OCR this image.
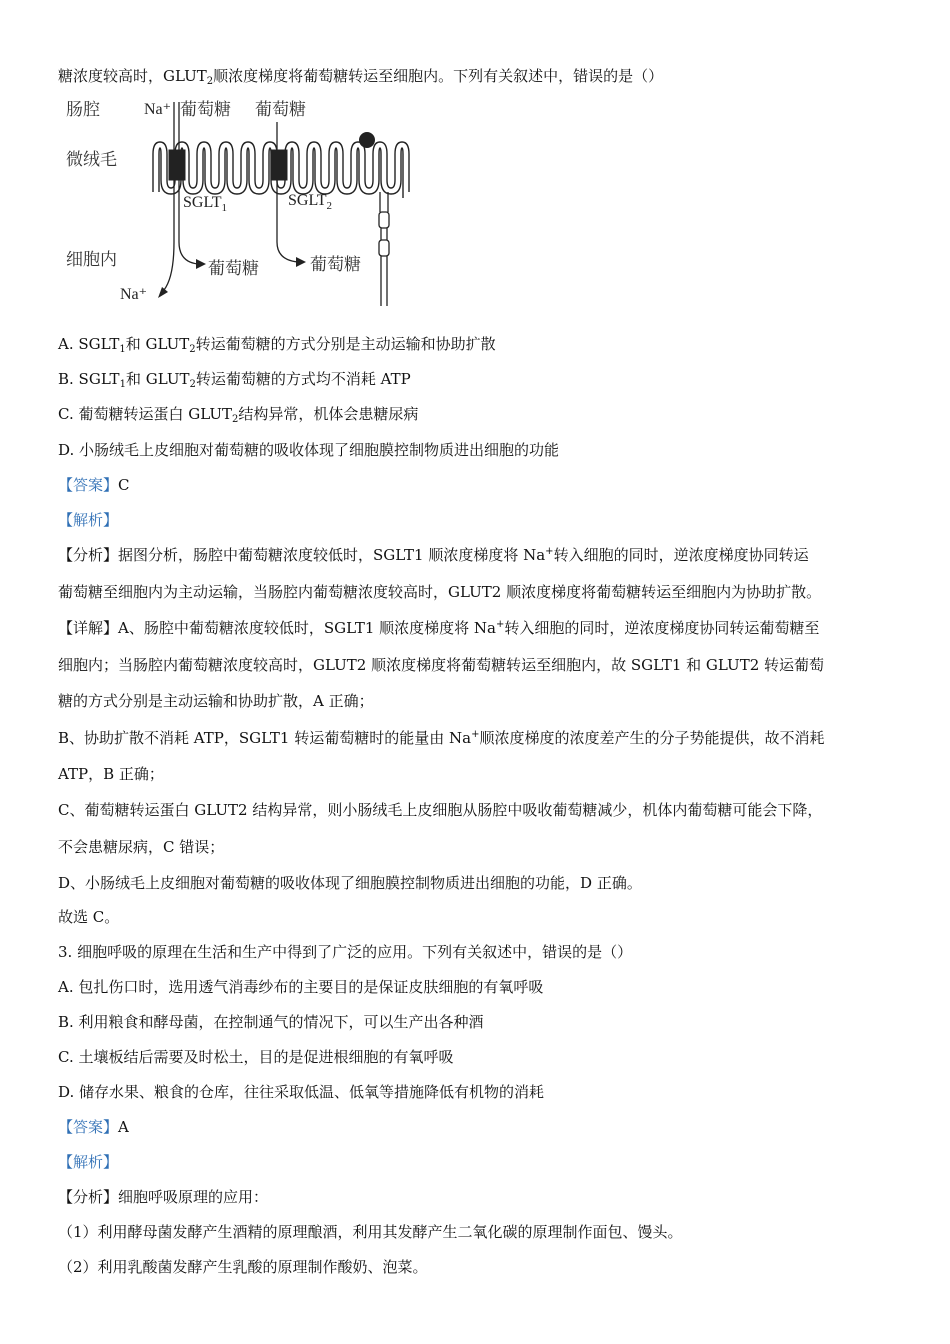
糖浓度较高时，$GLUT_2$顺浓度梯度将葡萄糖转运至细胞内。下列有关叙述中，错误的是（）
肠腔	Na⁺ 葡萄糖 葡萄糖
微绒毛
细胞内
$SGLT_1$	$SGLT_2$
葡萄糖	葡萄糖
Na⁺
A. $SGLT_1$和 $GLUT_2$转运葡萄糖的方式分别是主动运输和协助扩散
B. $SGLT_1$和 $GLUT_2$转运葡萄糖的方式均不消耗 ATP
C. 葡萄糖转运蛋白 $GLUT_2$结构异常，机体会患糖尿病
D. 小肠绒毛上皮细胞对葡萄糖的吸收体现了细胞膜控制物质进出细胞的功能
【答案】C
【解析】
【分析】据图分析，肠腔中葡萄糖浓度较低时，SGLT1 顺浓度梯度将 Na+转入细胞的同时，逆浓度梯度协同转运
葡萄糖至细胞内为主动运输，当肠腔内葡萄糖浓度较高时，GLUT2 顺浓度梯度将葡萄糖转运至细胞内为协助扩散。
【详解】A、肠腔中葡萄糖浓度较低时，SGLT1 顺浓度梯度将 Na+转入细胞的同时，逆浓度梯度协同转运葡萄糖至
细胞内；当肠腔内葡萄糖浓度较高时，GLUT2 顺浓度梯度将葡萄糖转运至细胞内，故 SGLT1 和 GLUT2 转运葡萄
糖的方式分别是主动运输和协助扩散，A 正确；
B、协助扩散不消耗 ATP，SGLT1 转运葡萄糖时的能量由 Na+顺浓度梯度的浓度差产生的分子势能提供，故不消耗
ATP，B 正确；
C、葡萄糖转运蛋白 GLUT2 结构异常，则小肠绒毛上皮细胞从肠腔中吸收葡萄糖减少，机体内葡萄糖可能会下降，
不会患糖尿病，C 错误；
D、小肠绒毛上皮细胞对葡萄糖的吸收体现了细胞膜控制物质进出细胞的功能，D 正确。
故选 C。
3. 细胞呼吸的原理在生活和生产中得到了广泛的应用。下列有关叙述中，错误的是（）
A. 包扎伤口时，选用透气消毒纱布的主要目的是保证皮肤细胞的有氧呼吸
B. 利用粮食和酵母菌，在控制通气的情况下，可以生产出各种酒
C. 土壤板结后需要及时松土，目的是促进根细胞的有氧呼吸
D. 储存水果、粮食的仓库，往往采取低温、低氧等措施降低有机物的消耗
【答案】A
【解析】
【分析】细胞呼吸原理的应用：
（1）利用酵母菌发酵产生酒精的原理酿酒，利用其发酵产生二氧化碳的原理制作面包、馒头。
（2）利用乳酸菌发酵产生乳酸的原理制作酸奶、泡菜。
